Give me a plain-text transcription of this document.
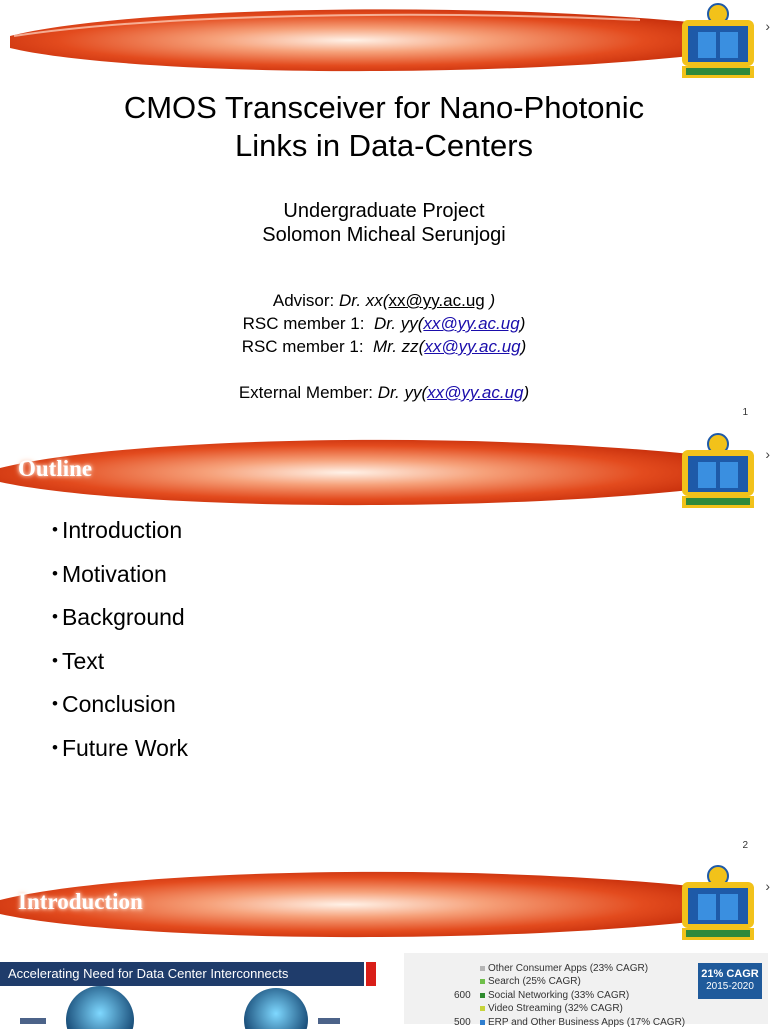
›
CMOS Transceiver for Nano-Photonic
Links in Data-Centers
Undergraduate Project
Solomon Micheal Serunjogi
Advisor: Dr. xx(xx@yy.ac.ug )
RSC member 1: Dr. yy(xx@yy.ac.ug)
RSC member 1: Mr. zz(xx@yy.ac.ug)
External Member: Dr. yy(xx@yy.ac.ug)
1
Outline
›
• Introduction
• Motivation
• Background
• Text
• Conclusion
• Future Work
2
Introduction
›
Accelerating Need for Data Center Interconnects	Other Consumer Apps (23% CAGR)
Search (25% CAGR)
Social Networking (33% CAGR)
Video Streaming (32% CAGR)
ERP and Other Business Apps (17% CAGR)
600
500
21% CAGR
2015-2020
